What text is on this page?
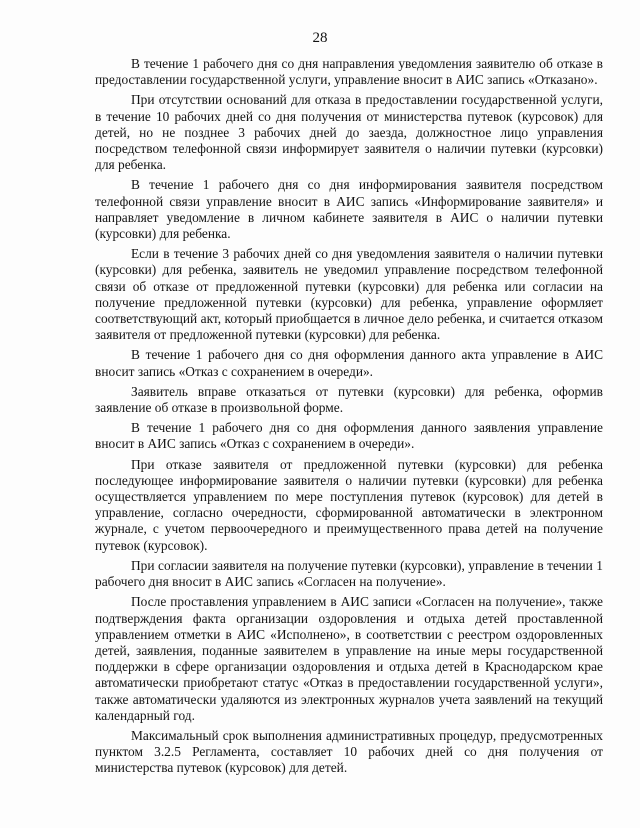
28

В течение 1 рабочего дня со дня направления уведомления заявителю об отказе в предоставлении государственной услуги, управление вносит в АИС запись «Отказано».

При отсутствии оснований для отказа в предоставлении государственной услуги, в течение 10 рабочих дней со дня получения от министерства путевок (курсовок) для детей, но не позднее 3 рабочих дней до заезда, должностное лицо управления посредством телефонной связи информирует заявителя о наличии путевки (курсовки) для ребенка.

В течение 1 рабочего дня со дня информирования заявителя посредством телефонной связи управление вносит в АИС запись «Информирование заявителя» и направляет уведомление в личном кабинете заявителя в АИС о наличии путевки (курсовки) для ребенка.

Если в течение 3 рабочих дней со дня уведомления заявителя о наличии путевки (курсовки) для ребенка, заявитель не уведомил управление посредством телефонной связи об отказе от предложенной путевки (курсовки) для ребенка или согласии на получение предложенной путевки (курсовки) для ребенка, управление оформляет соответствующий акт, который приобщается в личное дело ребенка, и считается отказом заявителя от предложенной путевки (курсовки) для ребенка.

В течение 1 рабочего дня со дня оформления данного акта управление в АИС вносит запись «Отказ с сохранением в очереди».

Заявитель вправе отказаться от путевки (курсовки) для ребенка, оформив заявление об отказе в произвольной форме.

В течение 1 рабочего дня со дня оформления данного заявления управление вносит в АИС запись «Отказ с сохранением в очереди».

При отказе заявителя от предложенной путевки (курсовки) для ребенка последующее информирование заявителя о наличии путевки (курсовки) для ребенка осуществляется управлением по мере поступления путевок (курсовок) для детей в управление, согласно очередности, сформированной автоматически в электронном журнале, с учетом первоочередного и преимущественного права детей на получение путевок (курсовок).

При согласии заявителя на получение путевки (курсовки), управление в течении 1 рабочего дня вносит в АИС запись «Согласен на получение».

После проставления управлением в АИС записи «Согласен на получение», также подтверждения факта организации оздоровления и отдыха детей проставленной управлением отметки в АИС «Исполнено», в соответствии с реестром оздоровленных детей, заявления, поданные заявителем в управление на иные меры государственной поддержки в сфере организации оздоровления и отдыха детей в Краснодарском крае автоматически приобретают статус «Отказ в предоставлении государственной услуги», также автоматически удаляются из электронных журналов учета заявлений на текущий календарный год.

Максимальный срок выполнения административных процедур, предусмотренных пунктом 3.2.5 Регламента, составляет 10 рабочих дней со дня получения от министерства путевок (курсовок) для детей.
